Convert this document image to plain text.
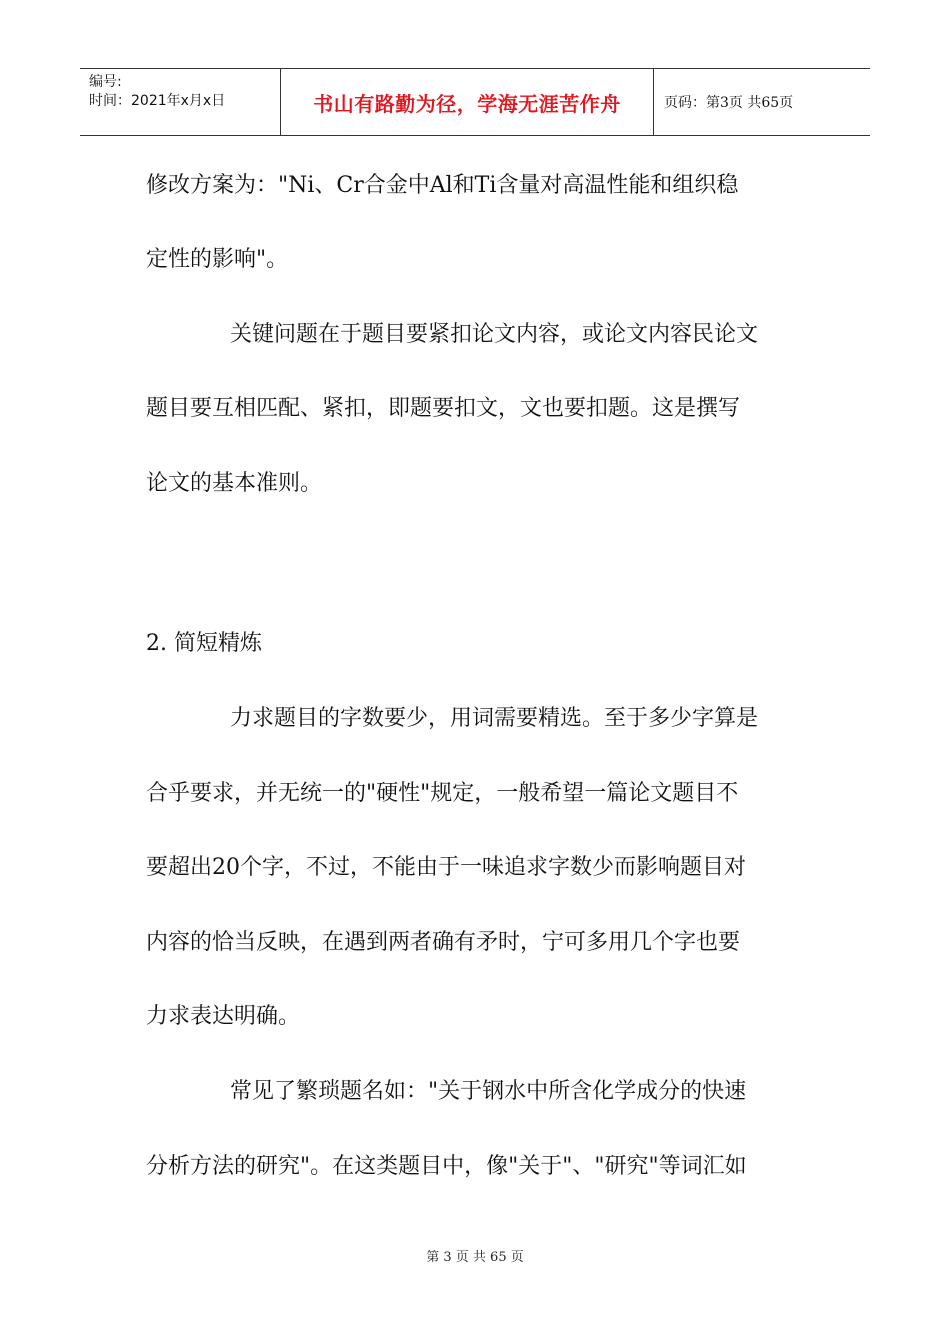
编号:
时间：2021年x月x日	书山有路勤为径，学海无涯苦作舟	页码：第3页 共65页
修改方案为："Ni、Cr合金中Al和Ti含量对高温性能和组织稳
定性的影响"。
关键问题在于题目要紧扣论文内容，或论文内容民论文
题目要互相匹配、紧扣，即题要扣文，文也要扣题。这是撰写
论文的基本准则。
2. 简短精炼
力求题目的字数要少，用词需要精选。至于多少字算是
合乎要求，并无统一的"硬性"规定，一般希望一篇论文题目不
要超出20个字，不过，不能由于一味追求字数少而影响题目对
内容的恰当反映，在遇到两者确有矛时，宁可多用几个字也要
力求表达明确。
常见了繁琐题名如："关于钢水中所含化学成分的快速
分析方法的研究"。在这类题目中，像"关于"、"研究"等词汇如
第 3 页 共 65 页
